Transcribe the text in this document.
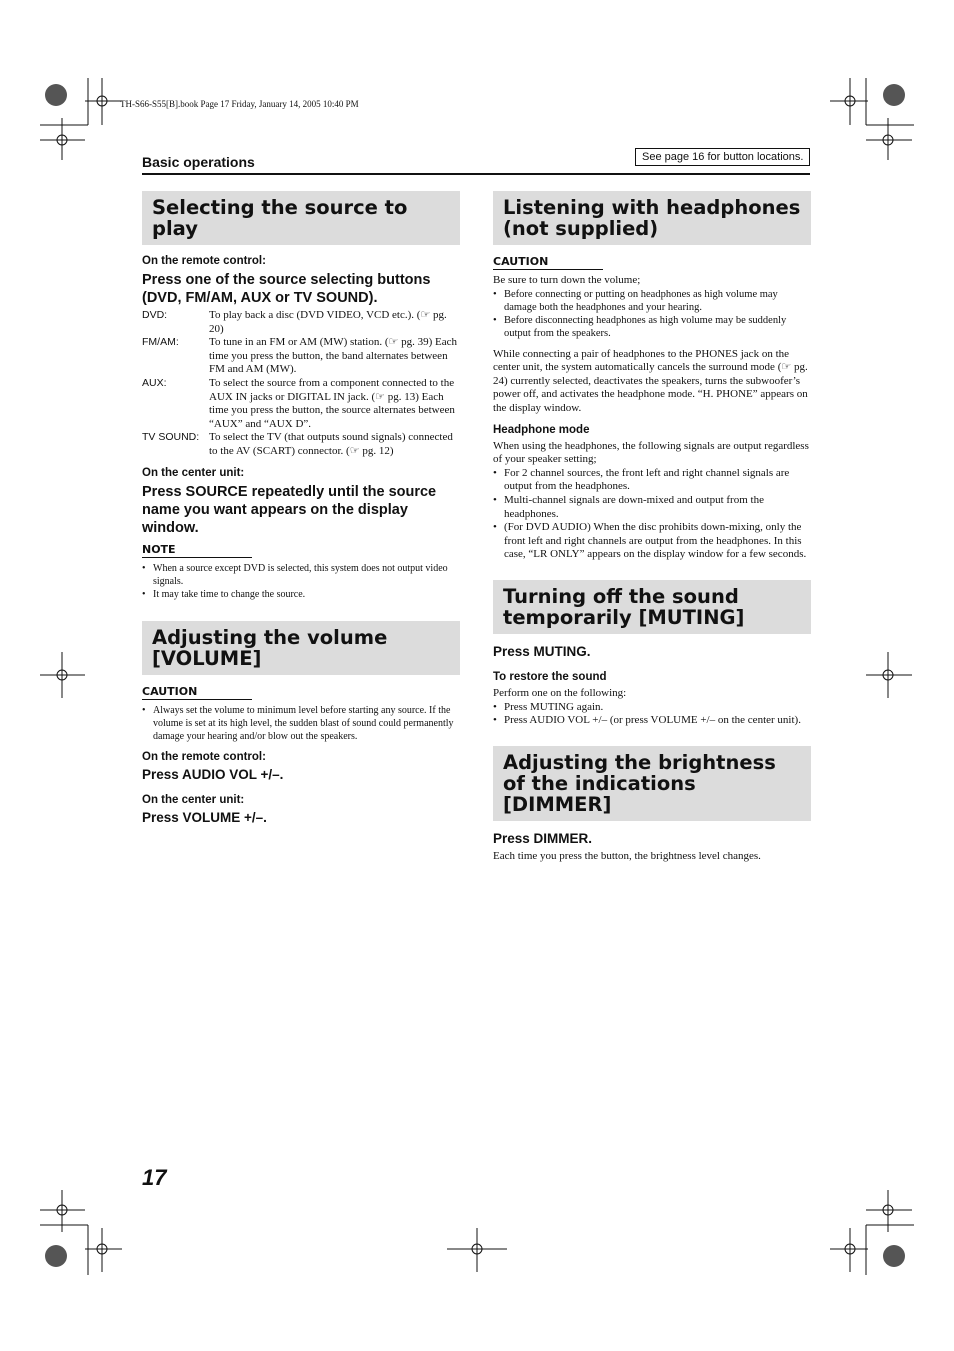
TH-S66-S55[B].book Page 17 Friday, January 14, 2005 10:40 PM
Basic operations	See page 16 for button locations.
Selecting the source to play
On the remote control:
Press one of the source selecting buttons (DVD, FM/AM, AUX or TV SOUND).
DVD:	To play back a disc (DVD VIDEO, VCD etc.). (☞ pg. 20)
FM/AM:	To tune in an FM or AM (MW) station. (☞ pg. 39) Each time you press the button, the band alternates between FM and AM (MW).
AUX:	To select the source from a component connected to the AUX IN jacks or DIGITAL IN jack. (☞ pg. 13) Each time you press the button, the source alternates between “AUX” and “AUX D”.
TV SOUND: To select the TV (that outputs sound signals) connected to the AV (SCART) connector. (☞ pg. 12)
On the center unit:
Press SOURCE repeatedly until the source name you want appears on the display window.
NOTE
• When a source except DVD is selected, this system does not output video signals.
• It may take time to change the source.
Adjusting the volume [VOLUME]
CAUTION
• Always set the volume to minimum level before starting any source. If the volume is set at its high level, the sudden blast of sound could permanently damage your hearing and/or blow out the speakers.
On the remote control:
Press AUDIO VOL +/–.
On the center unit:
Press VOLUME +/–.
Listening with headphones (not supplied)
CAUTION
Be sure to turn down the volume;
• Before connecting or putting on headphones as high volume may damage both the headphones and your hearing.
• Before disconnecting headphones as high volume may be suddenly output from the speakers.
While connecting a pair of headphones to the PHONES jack on the center unit, the system automatically cancels the surround mode (☞ pg. 24) currently selected, deactivates the speakers, turns the subwoofer’s power off, and activates the headphone mode. “H. PHONE” appears on the display window.
Headphone mode
When using the headphones, the following signals are output regardless of your speaker setting;
• For 2 channel sources, the front left and right channel signals are output from the headphones.
• Multi-channel signals are down-mixed and output from the headphones.
• (For DVD AUDIO) When the disc prohibits down-mixing, only the front left and right channels are output from the headphones. In this case, “LR ONLY” appears on the display window for a few seconds.
Turning off the sound temporarily [MUTING]
Press MUTING.
To restore the sound
Perform one on the following:
• Press MUTING again.
• Press AUDIO VOL +/– (or press VOLUME +/– on the center unit).
Adjusting the brightness of the indications [DIMMER]
Press DIMMER.
Each time you press the button, the brightness level changes.
17
